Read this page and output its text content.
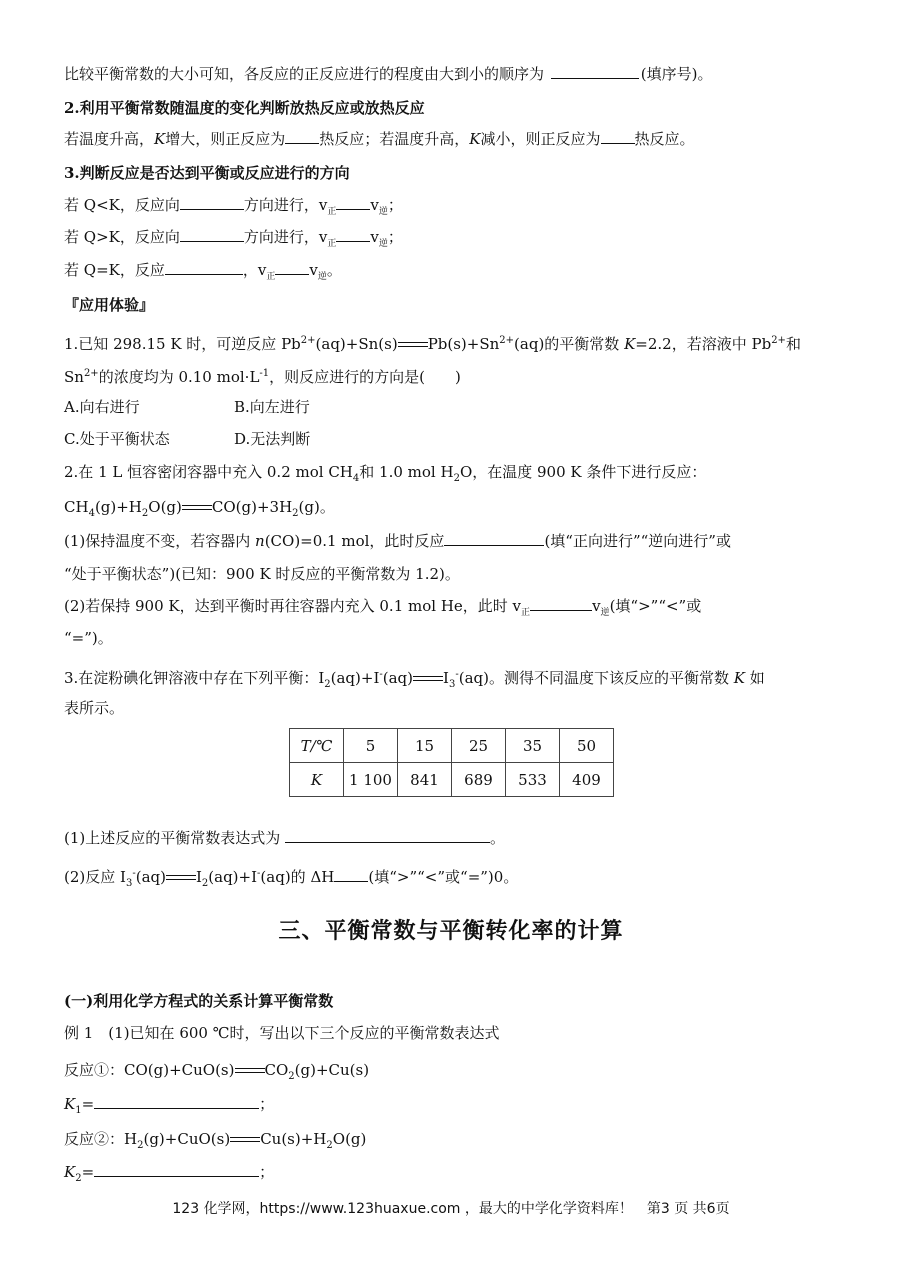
比较平衡常数的大小可知，各反应的正反应进行的程度由大到小的顺序为	(填序号)。
2.利用平衡常数随温度的变化判断放热反应或放热反应
若温度升高，K增大，则正反应为 热反应；若温度升高，K减小，则正反应为 热反应。
3.判断反应是否达到平衡或反应进行的方向
若 Q<K，反应向	方向进行，$v_正$ $v_逆$；
若 Q>K，反应向	方向进行，$v_正$ $v_逆$；
若 Q=K，反应	，$v_正$ $v_逆$。
『应用体验』
1.已知 298.15 K 时，可逆反应 $Pb^{2+}(aq)+Sn(s)$ $Pb(s)+Sn^{2+}(aq)$的平衡常数 K=2.2，若溶液中 $Pb^{2+}$和
$Sn^{2+}$的浓度均为 0.10 $mol\cdot L^{-1}$，则反应进行的方向是(　　)
A.向右进行	B.向左进行
C.处于平衡状态	D.无法判断
2.在 1 L 恒容密闭容器中充入 0.2 mol $CH_4$和 1.0 mol $H_2O$，在温度 900 K 条件下进行反应：
$CH_4(g)+H_2O(g)$ $CO(g)+3H_2(g)$。
(1)保持温度不变，若容器内 n(CO)=0.1 mol，此时反应	(填“正向进行”“逆向进行”或
“处于平衡状态”)(已知：900 K 时反应的平衡常数为 1.2)。
(2)若保持 900 K，达到平衡时再往容器内充入 0.1 mol He，此时 $v_正$	$v_逆$(填“>”“<”或
“=”)。
3.在淀粉碘化钾溶液中存在下列平衡：$I_2(aq)+I^-(aq)$ $I_3^-(aq)$。测得不同温度下该反应的平衡常数 K 如
表所示。
T/℃	5	15	25	35	50
K	1 100	841	689	533	409
(1)上述反应的平衡常数表达式为	。
(2)反应 $I_3^-(aq)$ $I_2(aq)+I^-(aq)$的 ΔH (填“>”“<”或“=”)0。
三、平衡常数与平衡转化率的计算
(一)利用化学方程式的关系计算平衡常数
例 1　(1)已知在 600 ℃时，写出以下三个反应的平衡常数表达式
反应①：CO(g)+CuO(s) $CO_2(g)+Cu(s)$
$K_1=$	；
反应②：$H_2(g)+CuO(s)$ $Cu(s)+H_2O(g)$
$K_2=$	；
123 化学网，https://www.123huaxue.com ，最大的中学化学资料库！　第3 页 共6页
